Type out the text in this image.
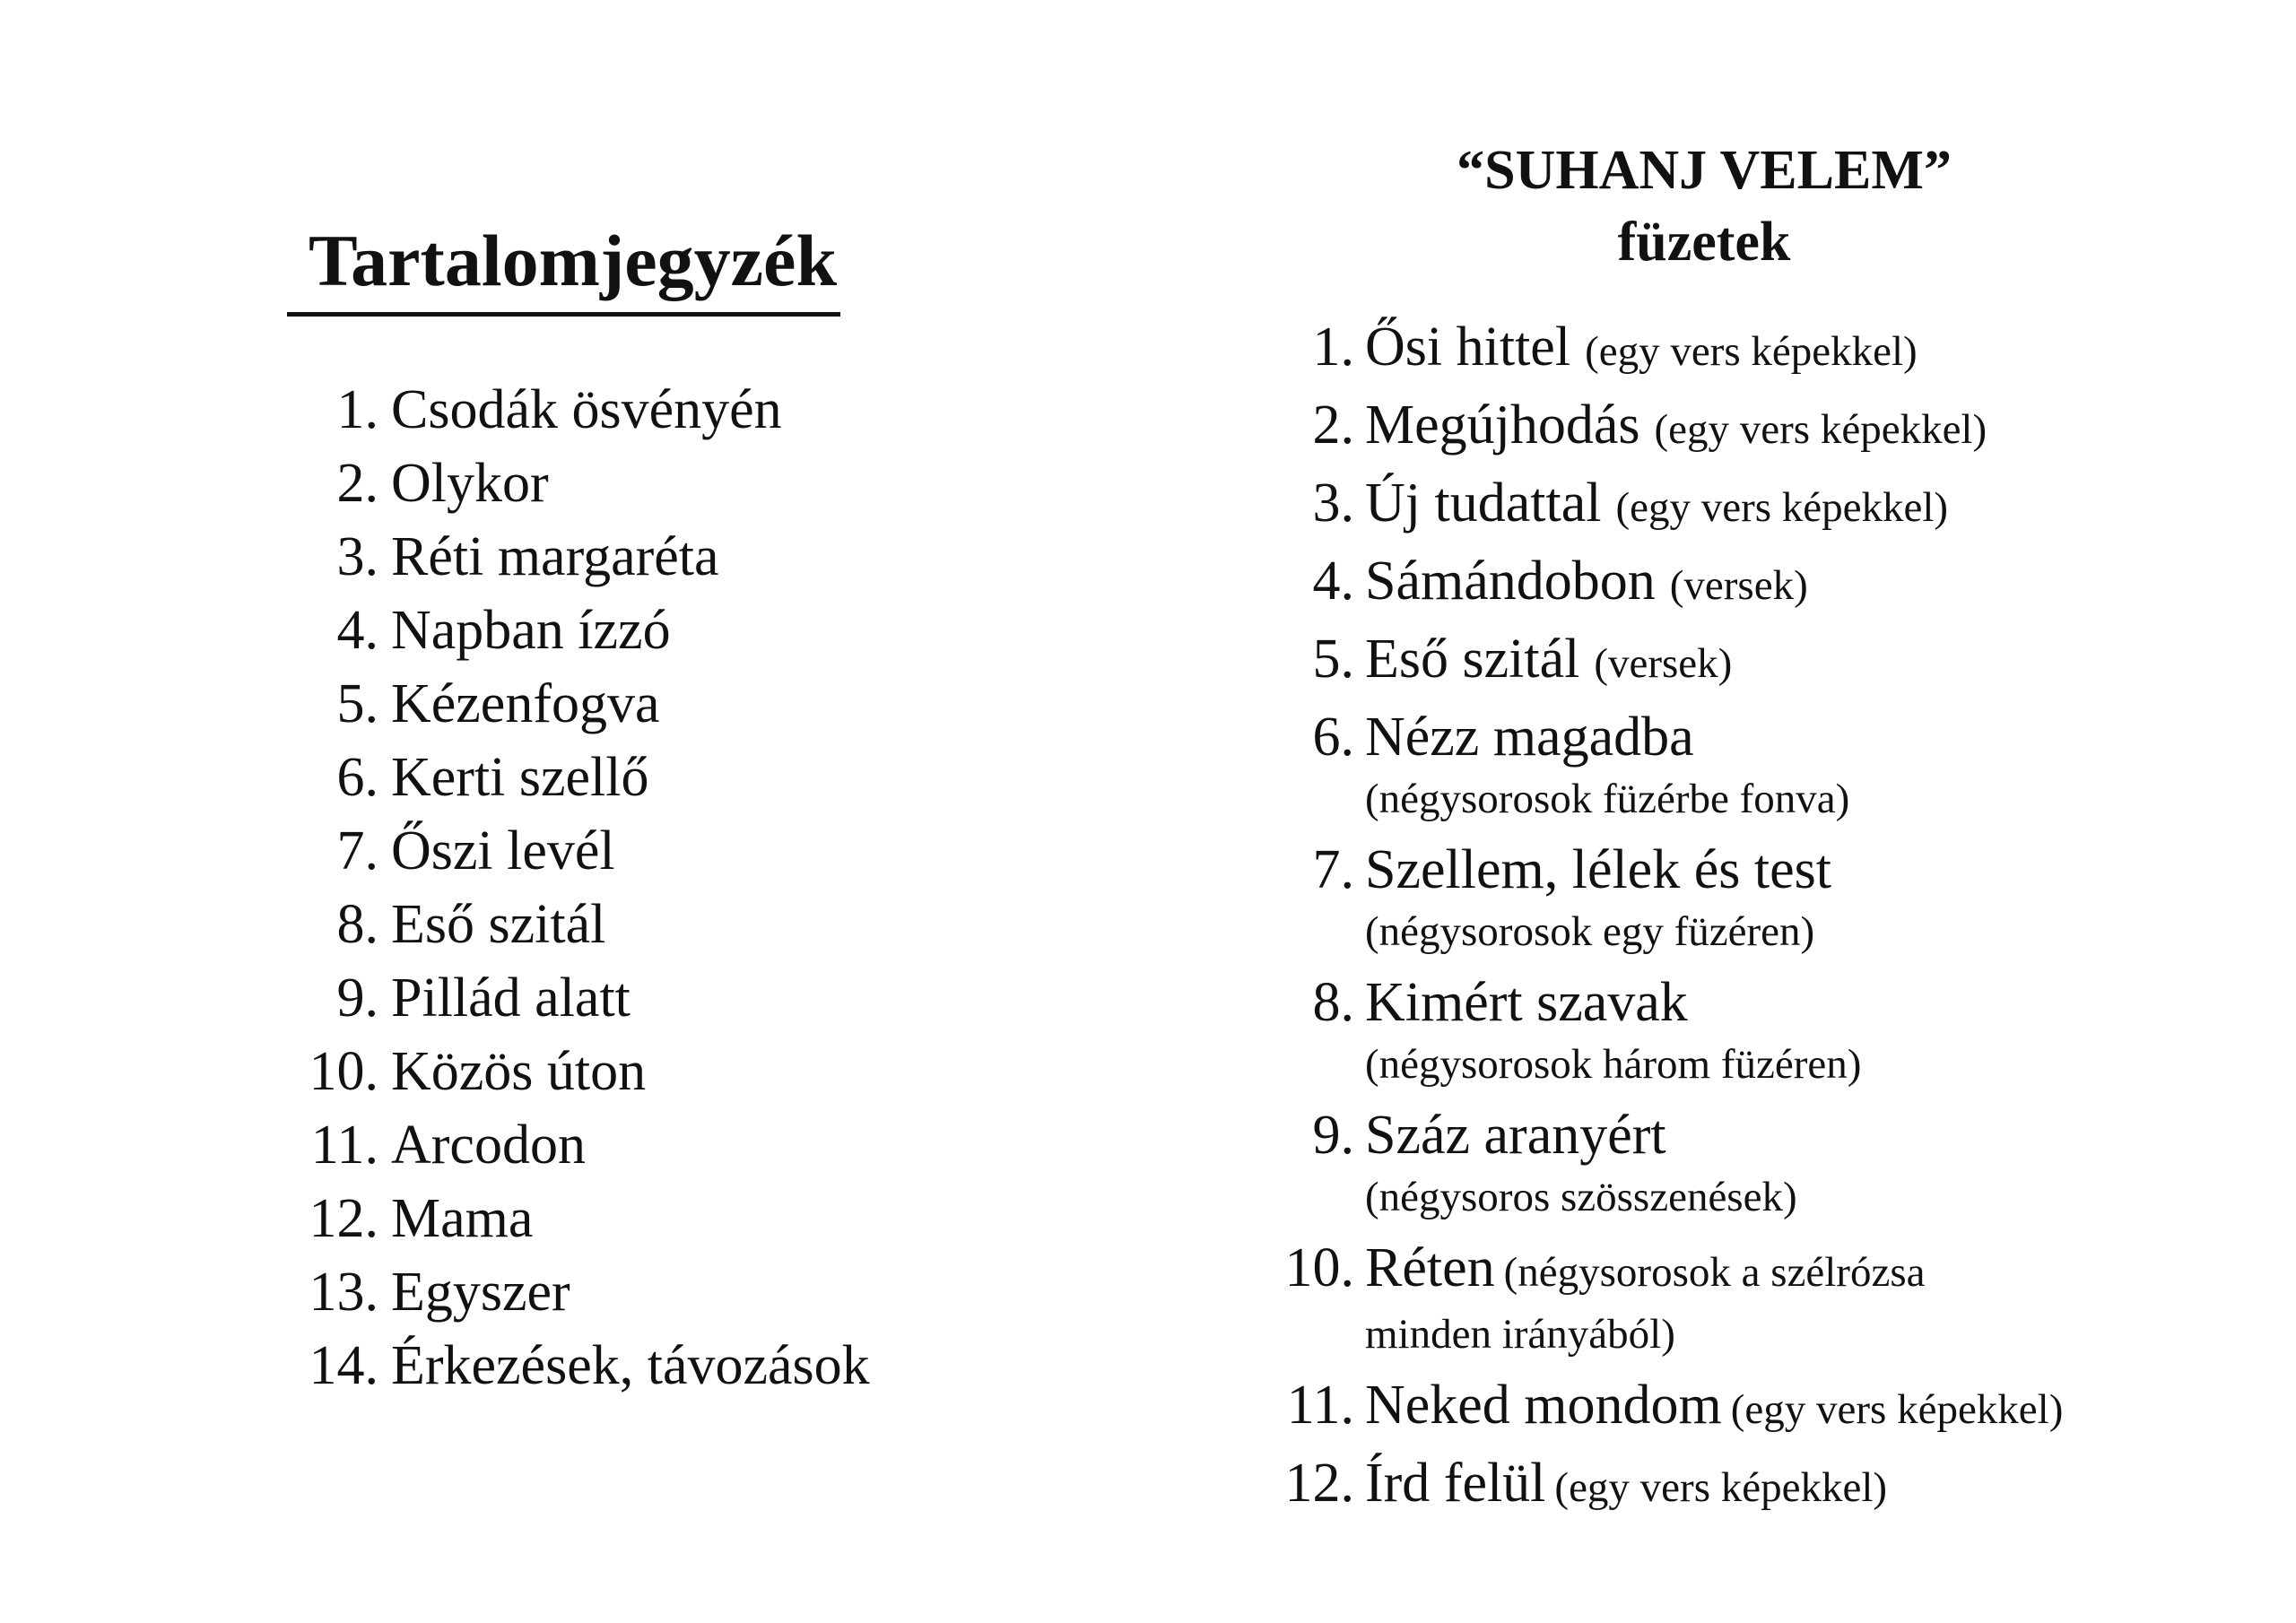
Tartalomjegyzék
1. Csodák ösvényén
2. Olykor
3. Réti margaréta
4. Napban ízzó
5. Kézenfogva
6. Kerti szellő
7. Őszi levél
8. Eső szitál
9. Pillád alatt
10. Közös úton
11. Arcodon
12. Mama
13. Egyszer
14. Érkezések, távozások
“SUHANJ VELEM”
füzetek
1. Ősi hittel (egy vers képekkel)
2. Megújhodás (egy vers képekkel)
3. Új tudattal (egy vers képekkel)
4. Sámándobon (versek)
5. Eső szitál (versek)
6. Nézz magadba
(négysorosok füzérbe fonva)
7. Szellem, lélek és test
(négysorosok egy füzéren)
8. Kimért szavak
(négysorosok három füzéren)
9. Száz aranyért
(négysoros szösszenések)
10. Réten (négysorosok a szélrózsa
minden irányából)
11. Neked mondom (egy vers képekkel)
12. Írd felül (egy vers képekkel)
